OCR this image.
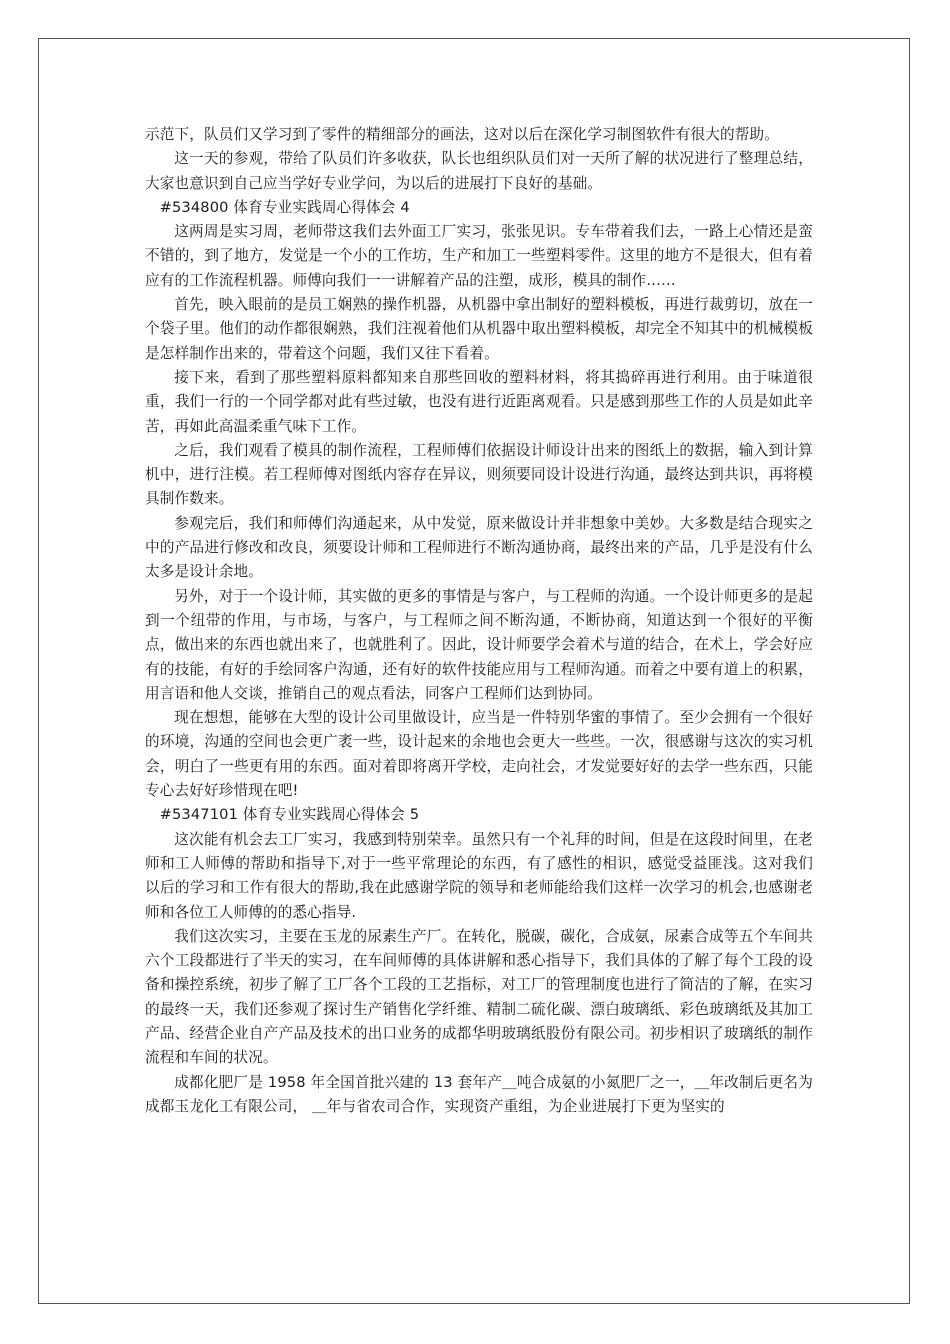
示范下，队员们又学习到了零件的精细部分的画法，这对以后在深化学习制图软件有很大的帮助。

这一天的参观，带给了队员们许多收获，队长也组织队员们对一天所了解的状况进行了整理总结，大家也意识到自己应当学好专业学问，为以后的进展打下良好的基础。

#534800 体育专业实践周心得体会 4

这两周是实习周，老师带这我们去外面工厂实习，张张见识。专车带着我们去，一路上心情还是蛮不错的，到了地方，发觉是一个小的工作坊，生产和加工一些塑料零件。这里的地方不是很大，但有着应有的工作流程机器。师傅向我们一一讲解着产品的注塑，成形，模具的制作……

首先，映入眼前的是员工娴熟的操作机器，从机器中拿出制好的塑料模板，再进行裁剪切，放在一个袋子里。他们的动作都很娴熟，我们注视着他们从机器中取出塑料模板，却完全不知其中的机械模板是怎样制作出来的，带着这个问题，我们又往下看着。

接下来，看到了那些塑料原料都知来自那些回收的塑料材料，将其捣碎再进行利用。由于味道很重，我们一行的一个同学都对此有些过敏，也没有进行近距离观看。只是感到那些工作的人员是如此辛苦，再如此高温柔重气味下工作。

之后，我们观看了模具的制作流程，工程师傅们依据设计师设计出来的图纸上的数据，输入到计算机中，进行注模。若工程师傅对图纸内容存在异议，则须要同设计设进行沟通，最终达到共识，再将模具制作数来。

参观完后，我们和师傅们沟通起来，从中发觉，原来做设计并非想象中美妙。大多数是结合现实之中的产品进行修改和改良，须要设计师和工程师进行不断沟通协商，最终出来的产品，几乎是没有什么太多是设计余地。

另外，对于一个设计师，其实做的更多的事情是与客户，与工程师的沟通。一个设计师更多的是起到一个纽带的作用，与市场，与客户，与工程师之间不断沟通，不断协商，知道达到一个很好的平衡点，做出来的东西也就出来了，也就胜利了。因此，设计师要学会着术与道的结合，在术上，学会好应有的技能，有好的手绘同客户沟通，还有好的软件技能应用与工程师沟通。而着之中要有道上的积累，用言语和他人交谈，推销自己的观点看法，同客户工程师们达到协同。

现在想想，能够在大型的设计公司里做设计，应当是一件特别华蜜的事情了。至少会拥有一个很好的环境，沟通的空间也会更广袤一些，设计起来的余地也会更大一些些。一次，很感谢与这次的实习机会，明白了一些更有用的东西。面对着即将离开学校，走向社会，才发觉要好好的去学一些东西，只能专心去好好珍惜现在吧!

#5347101 体育专业实践周心得体会 5

这次能有机会去工厂实习，我感到特别荣幸。虽然只有一个礼拜的时间，但是在这段时间里，在老师和工人师傅的帮助和指导下,对于一些平常理论的东西，有了感性的相识，感觉受益匪浅。这对我们以后的学习和工作有很大的帮助,我在此感谢学院的领导和老师能给我们这样一次学习的机会,也感谢老师和各位工人师傅的的悉心指导.

我们这次实习，主要在玉龙的尿素生产厂。在转化，脱碳，碳化，合成氨，尿素合成等五个车间共六个工段都进行了半天的实习，在车间师傅的具体讲解和悉心指导下，我们具体的了解了每个工段的设备和操控系统，初步了解了工厂各个工段的工艺指标，对工厂的管理制度也进行了简洁的了解，在实习的最终一天，我们还参观了探讨生产销售化学纤维、精制二硫化碳、漂白玻璃纸、彩色玻璃纸及其加工产品、经营企业自产产品及技术的出口业务的成都华明玻璃纸股份有限公司。初步相识了玻璃纸的制作流程和车间的状况。

成都化肥厂是 1958 年全国首批兴建的 13 套年产＿吨合成氨的小氮肥厂之一，＿年改制后更名为成都玉龙化工有限公司， ＿年与省农司合作，实现资产重组，为企业进展打下更为坚实的
